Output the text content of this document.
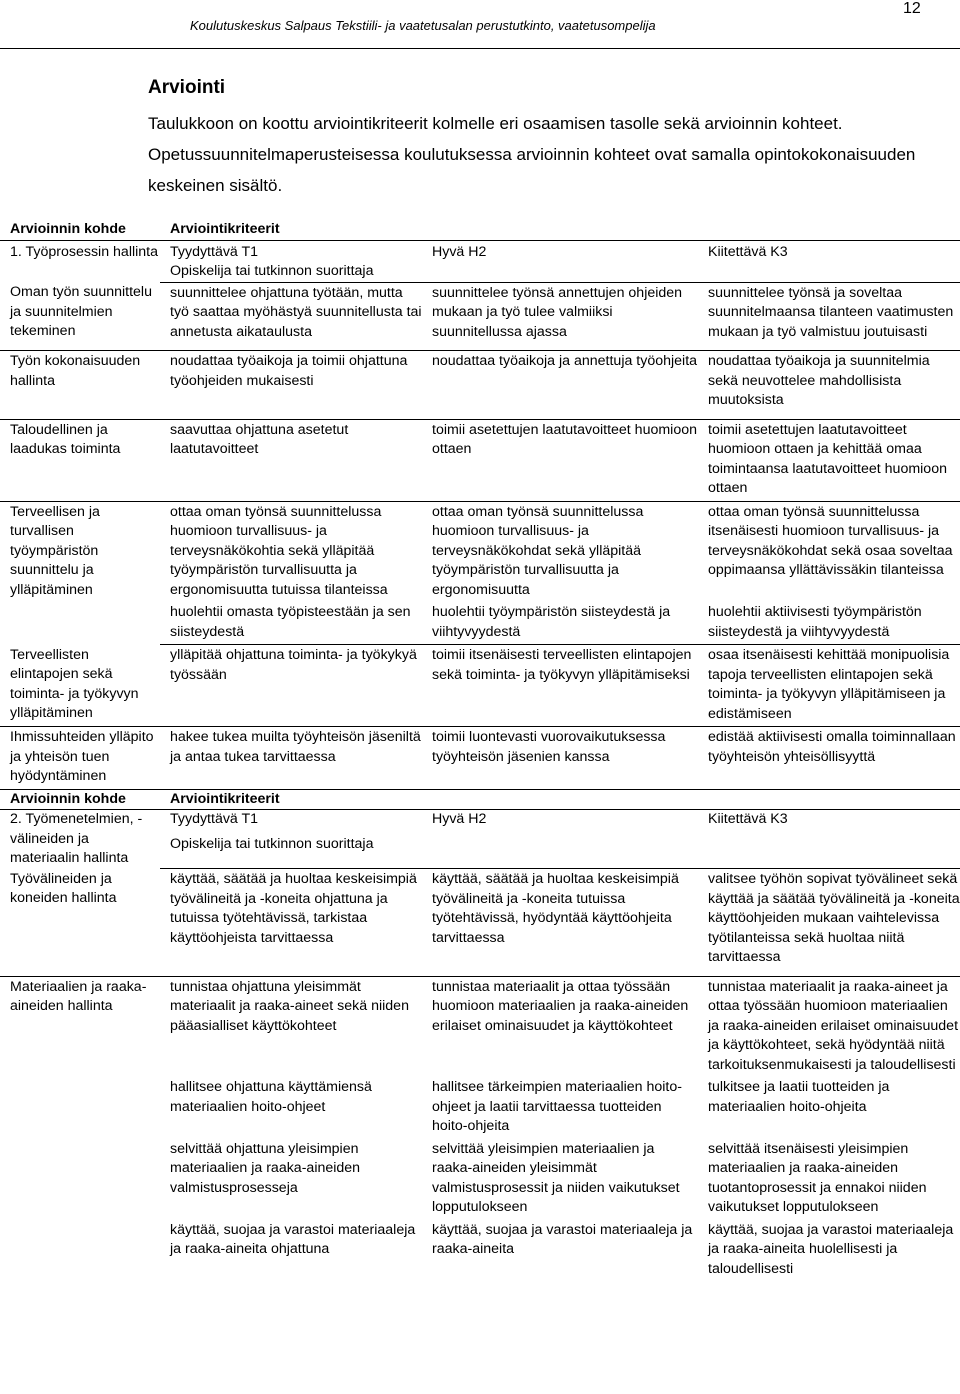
Koulutuskeskus Salpaus Tekstiili- ja vaatetusalan perustutkinto, vaatetusompelija
12
Arviointi

Taulukkoon on koottu arviointikriteerit kolmelle eri osaamisen tasolle sekä arvioinnin kohteet. Opetussuunnitelmaperusteisessa koulutuksessa arvioinnin kohteet ovat samalla opintokokonaisuuden keskeinen sisältö.

Arvioinnin kohde	Arviointikriteerit		
1. Työprosessin hallinta	Tyydyttävä T1	Hyvä H2	Kiitettävä K3
	Opiskelija tai tutkinnon suorittaja		
Oman työn suunnittelu ja suunnitelmien tekeminen	suunnittelee ohjattuna työtään, mutta työ saattaa myöhästyä suunnitellusta tai annetusta aikataulusta	suunnittelee työnsä annettujen ohjeiden mukaan ja työ tulee valmiiksi suunnitellussa ajassa	suunnittelee työnsä ja soveltaa suunnitelmaansa tilanteen vaatimusten mukaan ja työ valmistuu joutuisasti
Työn kokonaisuuden hallinta	noudattaa työaikoja ja toimii ohjattuna työohjeiden mukaisesti	noudattaa työaikoja ja annettuja työohjeita	noudattaa työaikoja ja suunnitelmia sekä neuvottelee mahdollisista muutoksista
Taloudellinen ja laadukas toiminta	saavuttaa ohjattuna asetetut laatutavoitteet	toimii asetettujen laatutavoitteet huomioon ottaen	toimii asetettujen laatutavoitteet huomioon ottaen ja kehittää omaa toimintaansa laatutavoitteet huomioon ottaen
Terveellisen ja turvallisen työympäristön suunnittelu ja ylläpitäminen	ottaa oman työnsä suunnittelussa huomioon turvallisuus- ja terveysnäkökohtia sekä ylläpitää työympäristön turvallisuutta ja ergonomisuutta tutuissa tilanteissa	ottaa oman työnsä suunnittelussa huomioon turvallisuus- ja terveysnäkökohdat sekä ylläpitää työympäristön turvallisuutta ja ergonomisuutta	ottaa oman työnsä suunnittelussa itsenäisesti huomioon turvallisuus- ja terveysnäkökohdat sekä osaa soveltaa oppimaansa yllättävissäkin tilanteissa
	huolehtii omasta työpisteestään ja sen siisteydestä	huolehtii työympäristön siisteydestä ja viihtyvyydestä	huolehtii aktiivisesti työympäristön siisteydestä ja viihtyvyydestä
Terveellisten elintapojen sekä toiminta- ja työkyvyn ylläpitäminen	ylläpitää ohjattuna toiminta- ja työkykyä työssään	toimii itsenäisesti terveellisten elintapojen sekä toiminta- ja työkyvyn ylläpitämiseksi	osaa itsenäisesti kehittää monipuolisia tapoja terveellisten elintapojen sekä toiminta- ja työkyvyn ylläpitämiseen ja edistämiseen
Ihmissuhteiden ylläpito ja yhteisön tuen hyödyntäminen	hakee tukea muilta työyhteisön jäseniltä ja antaa tukea tarvittaessa	toimii luontevasti vuorovaikutuksessa työyhteisön jäsenien kanssa	edistää aktiivisesti omalla toiminnallaan työyhteisön yhteisöllisyyttä
Arvioinnin kohde	Arviointikriteerit		
2. Työmenetelmien, -välineiden ja materiaalin hallinta	Tyydyttävä T1	Hyvä H2	Kiitettävä K3
	Opiskelija tai tutkinnon suorittaja		
Työvälineiden ja koneiden hallinta	käyttää, säätää ja huoltaa keskeisimpiä työvälineitä ja -koneita ohjattuna ja tutuissa työtehtävissä, tarkistaa käyttöohjeista tarvittaessa	käyttää, säätää ja huoltaa keskeisimpiä työvälineitä ja -koneita tutuissa työtehtävissä, hyödyntää käyttöohjeita tarvittaessa	valitsee työhön sopivat työvälineet sekä käyttää ja säätää työvälineitä ja -koneita käyttöohjeiden mukaan vaihtelevissa työtilanteissa sekä huoltaa niitä tarvittaessa
Materiaalien ja raaka-aineiden hallinta	tunnistaa ohjattuna yleisimmät materiaalit ja raaka-aineet sekä niiden pääasialliset käyttökohteet	tunnistaa materiaalit ja ottaa työssään huomioon materiaalien ja raaka-aineiden erilaiset ominaisuudet ja käyttökohteet	tunnistaa materiaalit ja raaka-aineet ja ottaa työssään huomioon materiaalien ja raaka-aineiden erilaiset ominaisuudet ja käyttökohteet, sekä hyödyntää niitä tarkoituksenmukaisesti ja taloudellisesti
	hallitsee ohjattuna käyttämiensä materiaalien hoito-ohjeet	hallitsee tärkeimpien materiaalien hoito-ohjeet ja laatii tarvittaessa tuotteiden hoito-ohjeita	tulkitsee ja laatii tuotteiden ja materiaalien hoito-ohjeita
	selvittää ohjattuna yleisimpien materiaalien ja raaka-aineiden valmistusprosesseja	selvittää yleisimpien materiaalien ja raaka-aineiden yleisimmät valmistusprosessit ja niiden vaikutukset lopputulokseen	selvittää itsenäisesti yleisimpien materiaalien ja raaka-aineiden tuotantoprosessit ja ennakoi niiden vaikutukset lopputulokseen
	käyttää, suojaa ja varastoi materiaaleja ja raaka-aineita ohjattuna	käyttää, suojaa ja varastoi materiaaleja ja raaka-aineita	käyttää, suojaa ja varastoi materiaaleja ja raaka-aineita huolellisesti ja taloudellisesti
